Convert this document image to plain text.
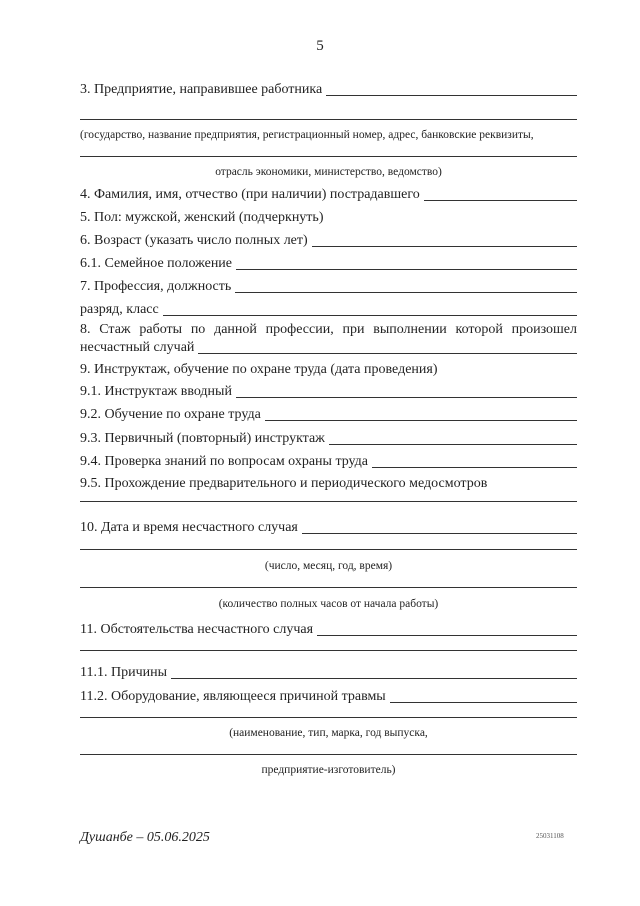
5
3. Предприятие, направившее работника
(государство, название предприятия, регистрационный номер, адрес, банковские реквизиты,
отрасль экономики, министерство, ведомство)
4. Фамилия, имя, отчество (при наличии) пострадавшего
5. Пол: мужской, женский (подчеркнуть)
6. Возраст (указать число полных лет)
6.1. Семейное положение
7. Профессия, должность
разряд, класс
8. Стаж работы по данной профессии, при выполнении которой произошел
несчастный случай
9. Инструктаж, обучение по охране труда (дата проведения)
9.1. Инструктаж вводный
9.2. Обучение по охране труда
9.3. Первичный (повторный) инструктаж
9.4. Проверка знаний по вопросам охраны труда
9.5. Прохождение предварительного и периодического медосмотров
10. Дата и время несчастного случая
(число, месяц, год, время)
(количество полных часов от начала работы)
11. Обстоятельства несчастного случая
11.1. Причины
11.2. Оборудование, являющееся причиной травмы
(наименование, тип, марка, год выпуска,
предприятие-изготовитель)
Душанбе – 05.06.2025	25031108
